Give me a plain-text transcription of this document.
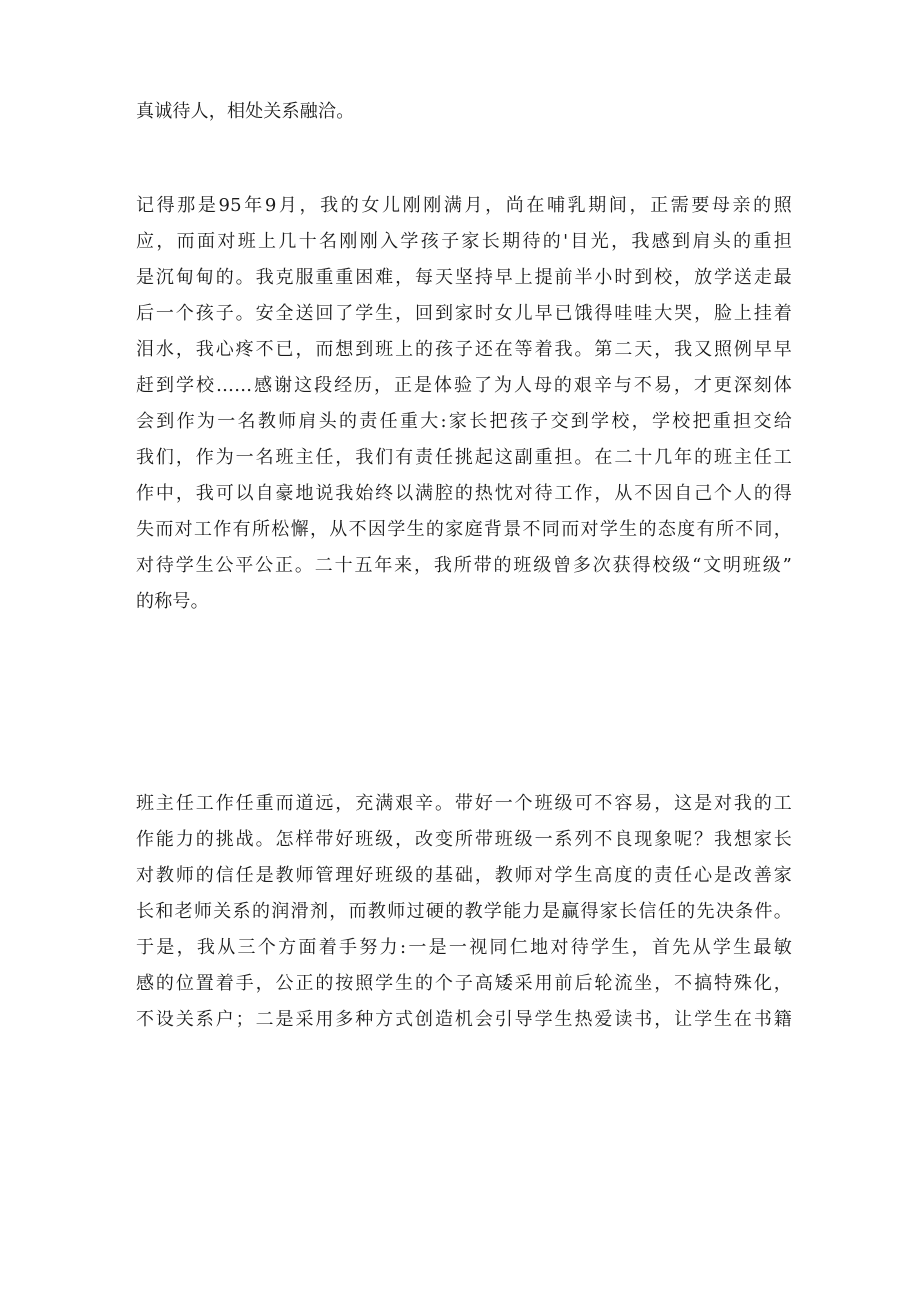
真诚待人，相处关系融洽。
记得那是95年9月，我的女儿刚刚满月，尚在哺乳期间，正需要母亲的照
应，而面对班上几十名刚刚入学孩子家长期待的'目光，我感到肩头的重担
是沉甸甸的。我克服重重困难，每天坚持早上提前半小时到校，放学送走最
后一个孩子。安全送回了学生，回到家时女儿早已饿得哇哇大哭，脸上挂着
泪水，我心疼不已，而想到班上的孩子还在等着我。第二天，我又照例早早
赶到学校……感谢这段经历，正是体验了为人母的艰辛与不易，才更深刻体
会到作为一名教师肩头的责任重大:家长把孩子交到学校，学校把重担交给
我们，作为一名班主任，我们有责任挑起这副重担。在二十几年的班主任工
作中，我可以自豪地说我始终以满腔的热忱对待工作，从不因自己个人的得
失而对工作有所松懈，从不因学生的家庭背景不同而对学生的态度有所不同，
对待学生公平公正。二十五年来，我所带的班级曾多次获得校级“文明班级”
的称号。
班主任工作任重而道远，充满艰辛。带好一个班级可不容易，这是对我的工
作能力的挑战。怎样带好班级，改变所带班级一系列不良现象呢？我想家长
对教师的信任是教师管理好班级的基础，教师对学生高度的责任心是改善家
长和老师关系的润滑剂，而教师过硬的教学能力是赢得家长信任的先决条件。
于是，我从三个方面着手努力:一是一视同仁地对待学生，首先从学生最敏
感的位置着手，公正的按照学生的个子高矮采用前后轮流坐，不搞特殊化，
不设关系户；二是采用多种方式创造机会引导学生热爱读书，让学生在书籍
